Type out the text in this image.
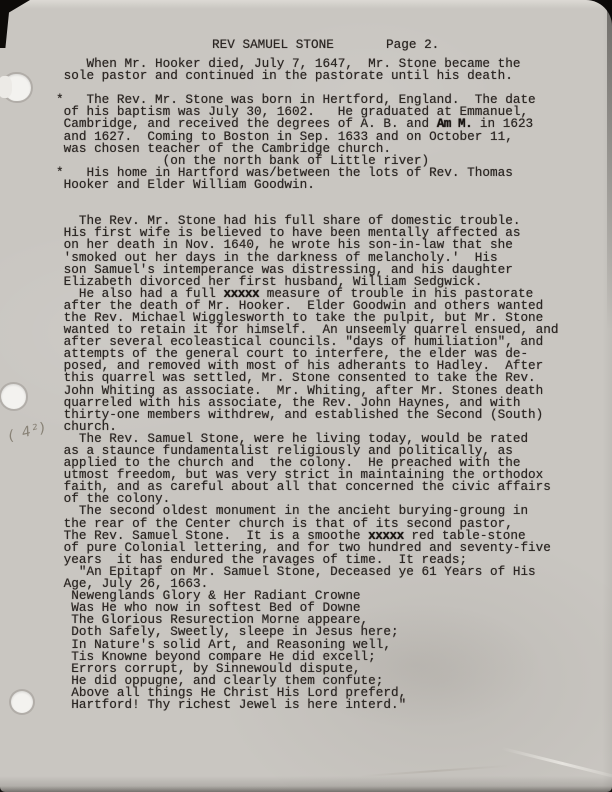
REV SAMUEL STONE	Page 2.
When Mr. Hooker died, July 7, 1647,  Mr. Stone became the
sole pastor and continued in the pastorate until his death.

*   The Rev. Mr. Stone was born in Hertford, England.  The date
of his baptism was July 30, 1602.   He graduated at Emmanuel,
Cambridge, and received the degrees of A. B. and Am M. in 1623
and 1627.  Coming to Boston in Sep. 1633 and on October 11,
was chosen teacher of the Cambridge church.
(on the north bank of Little river)
*   His home in Hartford was/between the lots of Rev. Thomas
Hooker and Elder William Goodwin.

The Rev. Mr. Stone had his full share of domestic trouble.
His first wife is believed to have been mentally affected as
on her death in Nov. 1640, he wrote his son-in-law that she
'smoked out her days in the darkness of melancholy.'  His
son Samuel's intemperance was distressing, and his daughter
Elizabeth divorced her first husband, William Sedgwick.
He also had a full xxxxx measure of trouble in his pastorate
after the death of Mr. Hooker.  Elder Goodwin and others wanted
the Rev. Michael Wigglesworth to take the pulpit, but Mr. Stone
wanted to retain it for himself.  An unseemly quarrel ensued, and
after several ecoleastical councils. "days of humiliation", and
attempts of the general court to interfere, the elder was de-
posed, and removed with most of his adherants to Hadley.  After
this quarrel was settled, Mr. Stone consented to take the Rev.
John Whiting as associate.  Mr. Whiting, after Mr. Stones death
quarreled with his associate, the Rev. John Haynes, and with
thirty-one members withdrew, and established the Second (South)
church.
The Rev. Samuel Stone, were he living today, would be rated
as a staunce fundamentalist religiously and politically, as
applied to the church and  the colony.  He preached with the
utmost freedom, but was very strict in maintaining the orthodox
faith, and as careful about all that concerned the civic affairs
of the colony.
The second oldest monument in the ancieht burying-groung in
the rear of the Center church is that of its second pastor,
The Rev. Samuel Stone.  It is a smoothe xxxxx red table-stone
of pure Colonial lettering, and for two hundred and seventy-five
years  it has endured the ravages of time.  It reads;
"An Epitapf on Mr. Samuel Stone, Deceased ye 61 Years of His
Age, July 26, 1663.
Newenglands Glory & Her Radiant Crowne
Was He who now in softest Bed of Downe
The Glorious Resurection Morne appeare,
Doth Safely, Sweetly, sleepe in Jesus here;
In Nature's solid Art, and Reasoning well,
Tis Knowne beyond compare He did excell;
Errors corrupt, by Sinnewould dispute,
He did oppugne, and clearly them confute;
Above all things He Christ His Lord preferd,
Hartford! Thy richest Jewel is here interd."
( 4²)
